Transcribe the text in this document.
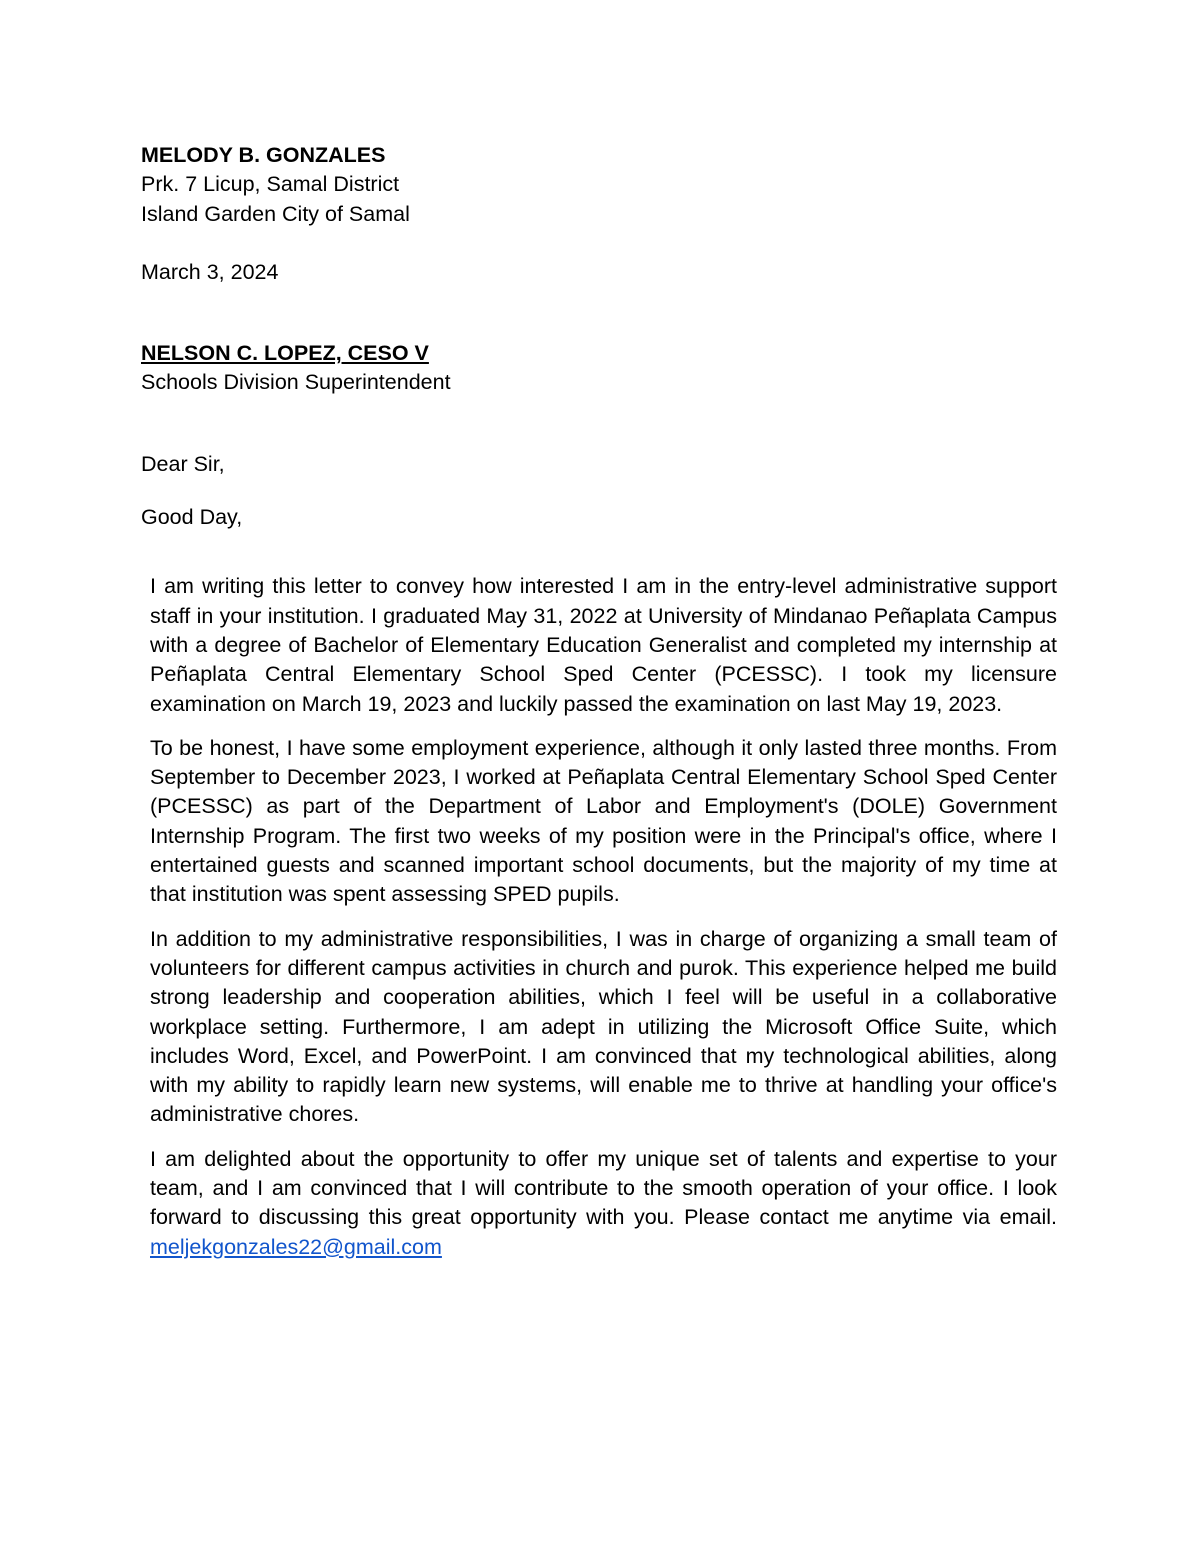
MELODY B. GONZALES

Prk. 7 Licup, Samal District

Island Garden City of Samal

March 3, 2024

NELSON C. LOPEZ, CESO V

Schools Division Superintendent

Dear Sir,

Good Day,

I am writing this letter to convey how interested I am in the entry-level administrative support staff in your institution. I graduated May 31, 2022 at University of Mindanao Peñaplata Campus with a degree of Bachelor of Elementary Education Generalist and completed my internship at Peñaplata Central Elementary School Sped Center (PCESSC). I took my licensure examination on March 19, 2023 and luckily passed the examination on last May 19, 2023.

To be honest, I have some employment experience, although it only lasted three months. From September to December 2023, I worked at Peñaplata Central Elementary School Sped Center (PCESSC) as part of the Department of Labor and Employment's (DOLE) Government Internship Program. The first two weeks of my position were in the Principal's office, where I entertained guests and scanned important school documents, but the majority of my time at that institution was spent assessing SPED pupils.

In addition to my administrative responsibilities, I was in charge of organizing a small team of volunteers for different campus activities in church and purok. This experience helped me build strong leadership and cooperation abilities, which I feel will be useful in a collaborative workplace setting. Furthermore, I am adept in utilizing the Microsoft Office Suite, which includes Word, Excel, and PowerPoint. I am convinced that my technological abilities, along with my ability to rapidly learn new systems, will enable me to thrive at handling your office's administrative chores.

I am delighted about the opportunity to offer my unique set of talents and expertise to your team, and I am convinced that I will contribute to the smooth operation of your office. I look forward to discussing this great opportunity with you. Please contact me anytime via email. meljekgonzales22@gmail.com
